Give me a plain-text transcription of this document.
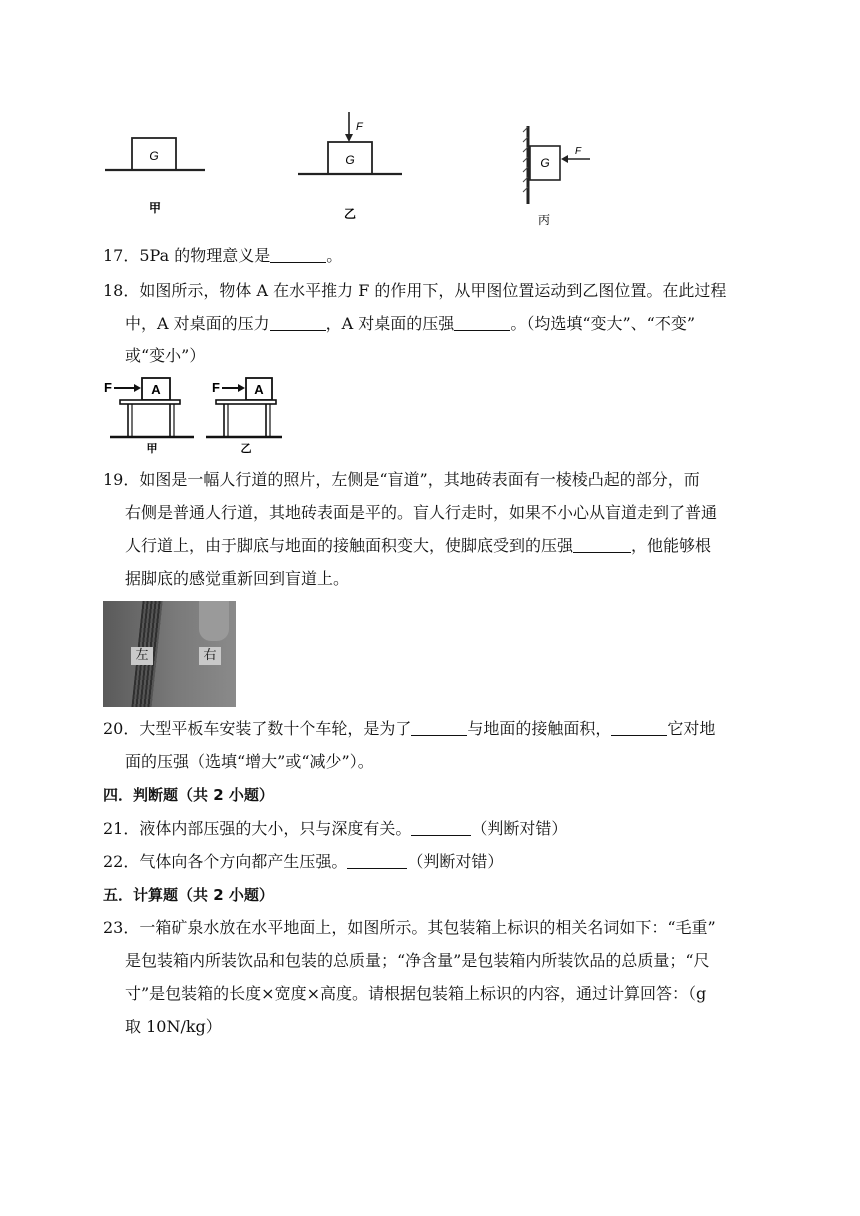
G
甲
F
G
乙
G
F
丙
17．5Pa 的物理意义是	。
18．如图所示，物体 A 在水平推力 F 的作用下，从甲图位置运动到乙图位置。在此过程
中，A 对桌面的压力	，A 对桌面的压强	。（均选填“变大”、“不变”
或“变小”）
F	A
甲
F	A
乙
19．如图是一幅人行道的照片，左侧是“盲道”，其地砖表面有一棱棱凸起的部分，而
右侧是普通人行道，其地砖表面是平的。盲人行走时，如果不小心从盲道走到了普通
人行道上，由于脚底与地面的接触面积变大，使脚底受到的压强	，他能够根
据脚底的感觉重新回到盲道上。
左	右
20．大型平板车安装了数十个车轮，是为了	与地面的接触面积，	它对地
面的压强（选填“增大”或“减少”）。
四．判断题（共 2 小题）
21．液体内部压强的大小，只与深度有关。	（判断对错）
22．气体向各个方向都产生压强。	（判断对错）
五．计算题（共 2 小题）
23．一箱矿泉水放在水平地面上，如图所示。其包装箱上标识的相关名词如下：“毛重”
是包装箱内所装饮品和包装的总质量；“净含量”是包装箱内所装饮品的总质量；“尺
寸”是包装箱的长度×宽度×高度。请根据包装箱上标识的内容，通过计算回答：（g
取 10N/kg）
